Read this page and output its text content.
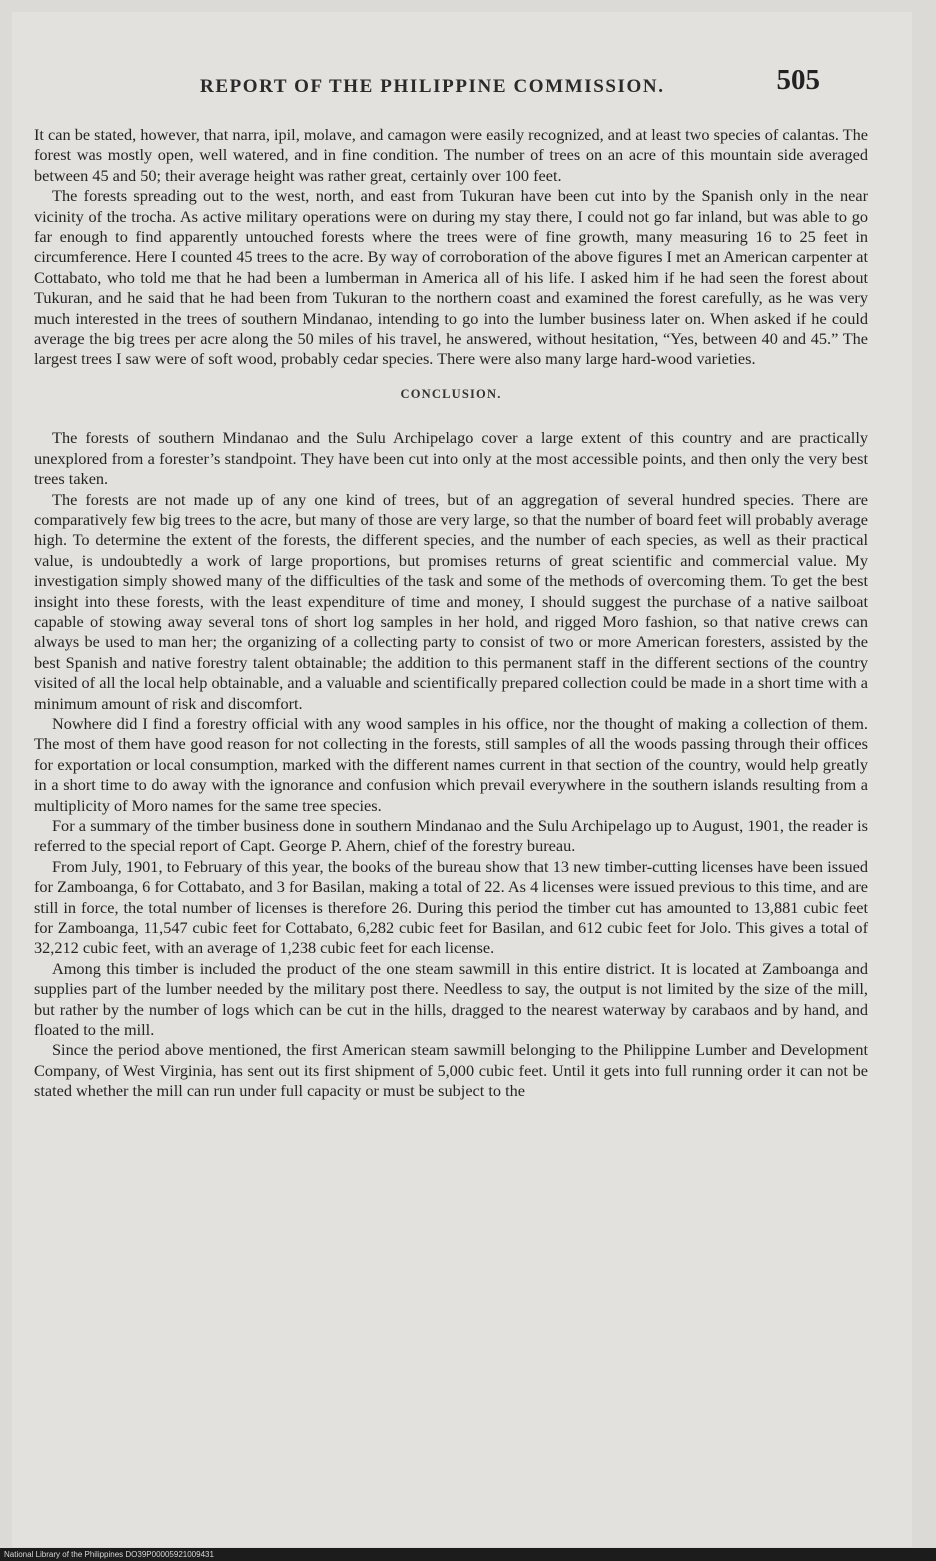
REPORT OF THE PHILIPPINE COMMISSION.	505

It can be stated, however, that narra, ipil, molave, and camagon were easily recognized, and at least two species of calantas. The forest was mostly open, well watered, and in fine condition. The number of trees on an acre of this mountain side averaged between 45 and 50; their average height was rather great, certainly over 100 feet.

The forests spreading out to the west, north, and east from Tukuran have been cut into by the Spanish only in the near vicinity of the trocha. As active military operations were on during my stay there, I could not go far inland, but was able to go far enough to find apparently untouched forests where the trees were of fine growth, many measuring 16 to 25 feet in circumference. Here I counted 45 trees to the acre. By way of corroboration of the above figures I met an American carpenter at Cottabato, who told me that he had been a lumberman in America all of his life. I asked him if he had seen the forest about Tukuran, and he said that he had been from Tukuran to the northern coast and examined the forest carefully, as he was very much interested in the trees of southern Mindanao, intending to go into the lumber business later on. When asked if he could average the big trees per acre along the 50 miles of his travel, he answered, without hesitation, “Yes, between 40 and 45.” The largest trees I saw were of soft wood, probably cedar species. There were also many large hard-wood varieties.

CONCLUSION.

The forests of southern Mindanao and the Sulu Archipelago cover a large extent of this country and are practically unexplored from a forester’s standpoint. They have been cut into only at the most accessible points, and then only the very best trees taken.

The forests are not made up of any one kind of trees, but of an aggregation of several hundred species. There are comparatively few big trees to the acre, but many of those are very large, so that the number of board feet will probably average high. To determine the extent of the forests, the different species, and the number of each species, as well as their practical value, is undoubtedly a work of large proportions, but promises returns of great scientific and commercial value. My investigation simply showed many of the difficulties of the task and some of the methods of overcoming them. To get the best insight into these forests, with the least expenditure of time and money, I should suggest the purchase of a native sailboat capable of stowing away several tons of short log samples in her hold, and rigged Moro fashion, so that native crews can always be used to man her; the organizing of a collecting party to consist of two or more American foresters, assisted by the best Spanish and native forestry talent obtainable; the addition to this permanent staff in the different sections of the country visited of all the local help obtainable, and a valuable and scientifically prepared collection could be made in a short time with a minimum amount of risk and discomfort.

Nowhere did I find a forestry official with any wood samples in his office, nor the thought of making a collection of them. The most of them have good reason for not collecting in the forests, still samples of all the woods passing through their offices for exportation or local consumption, marked with the different names current in that section of the country, would help greatly in a short time to do away with the ignorance and confusion which prevail everywhere in the southern islands resulting from a multiplicity of Moro names for the same tree species.

For a summary of the timber business done in southern Mindanao and the Sulu Archipelago up to August, 1901, the reader is referred to the special report of Capt. George P. Ahern, chief of the forestry bureau.

From July, 1901, to February of this year, the books of the bureau show that 13 new timber-cutting licenses have been issued for Zamboanga, 6 for Cottabato, and 3 for Basilan, making a total of 22. As 4 licenses were issued previous to this time, and are still in force, the total number of licenses is therefore 26. During this period the timber cut has amounted to 13,881 cubic feet for Zamboanga, 11,547 cubic feet for Cottabato, 6,282 cubic feet for Basilan, and 612 cubic feet for Jolo. This gives a total of 32,212 cubic feet, with an average of 1,238 cubic feet for each license.

Among this timber is included the product of the one steam sawmill in this entire district. It is located at Zamboanga and supplies part of the lumber needed by the military post there. Needless to say, the output is not limited by the size of the mill, but rather by the number of logs which can be cut in the hills, dragged to the nearest waterway by carabaos and by hand, and floated to the mill.

Since the period above mentioned, the first American steam sawmill belonging to the Philippine Lumber and Development Company, of West Virginia, has sent out its first shipment of 5,000 cubic feet. Until it gets into full running order it can not be stated whether the mill can run under full capacity or must be subject to the

National Library of the Philippines DO39P00005921009431
